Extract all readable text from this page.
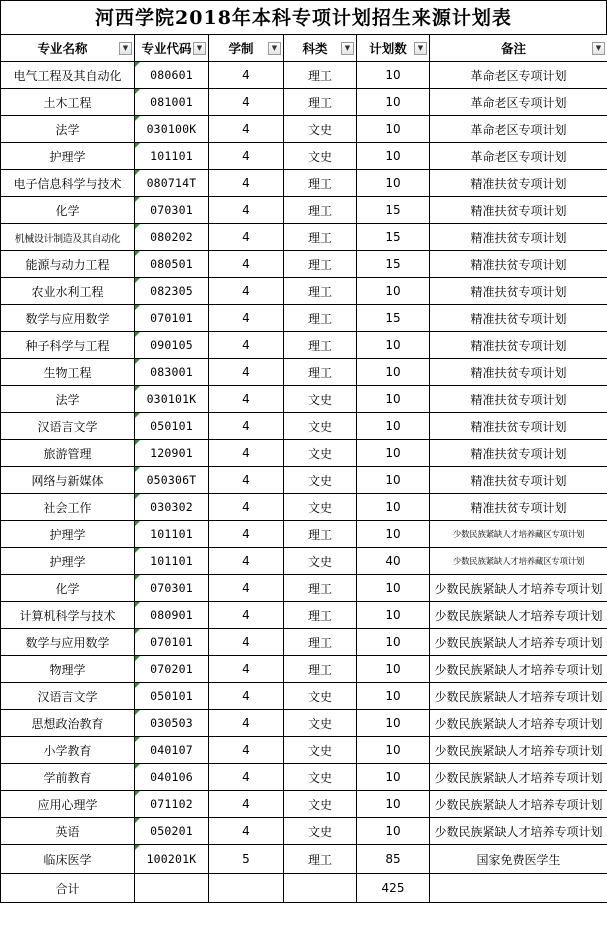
河西学院2018年本科专项计划招生来源计划表
专业名称 ▼	专业代码 ▼	学制 ▼	科类 ▼	计划数 ▼	备注 ▼

电气工程及其自动化	080601	4	理工	10	革命老区专项计划
土木工程	081001	4	理工	10	革命老区专项计划
法学	030100K	4	文史	10	革命老区专项计划
护理学	101101	4	文史	10	革命老区专项计划
电子信息科学与技术	080714T	4	理工	10	精准扶贫专项计划
化学	070301	4	理工	15	精准扶贫专项计划
机械设计制造及其自动化	080202	4	理工	15	精准扶贫专项计划
能源与动力工程	080501	4	理工	15	精准扶贫专项计划
农业水利工程	082305	4	理工	10	精准扶贫专项计划
数学与应用数学	070101	4	理工	15	精准扶贫专项计划
种子科学与工程	090105	4	理工	10	精准扶贫专项计划
生物工程	083001	4	理工	10	精准扶贫专项计划
法学	030101K	4	文史	10	精准扶贫专项计划
汉语言文学	050101	4	文史	10	精准扶贫专项计划
旅游管理	120901	4	文史	10	精准扶贫专项计划
网络与新媒体	050306T	4	文史	10	精准扶贫专项计划
社会工作	030302	4	文史	10	精准扶贫专项计划
护理学	101101	4	理工	10	少数民族紧缺人才培养藏区专项计划
护理学	101101	4	文史	40	少数民族紧缺人才培养藏区专项计划
化学	070301	4	理工	10	少数民族紧缺人才培养专项计划
计算机科学与技术	080901	4	理工	10	少数民族紧缺人才培养专项计划
数学与应用数学	070101	4	理工	10	少数民族紧缺人才培养专项计划
物理学	070201	4	理工	10	少数民族紧缺人才培养专项计划
汉语言文学	050101	4	文史	10	少数民族紧缺人才培养专项计划
思想政治教育	030503	4	文史	10	少数民族紧缺人才培养专项计划
小学教育	040107	4	文史	10	少数民族紧缺人才培养专项计划
学前教育	040106	4	文史	10	少数民族紧缺人才培养专项计划
应用心理学	071102	4	文史	10	少数民族紧缺人才培养专项计划
英语	050201	4	文史	10	少数民族紧缺人才培养专项计划
临床医学	100201K	5	理工	85	国家免费医学生
合计				425	
